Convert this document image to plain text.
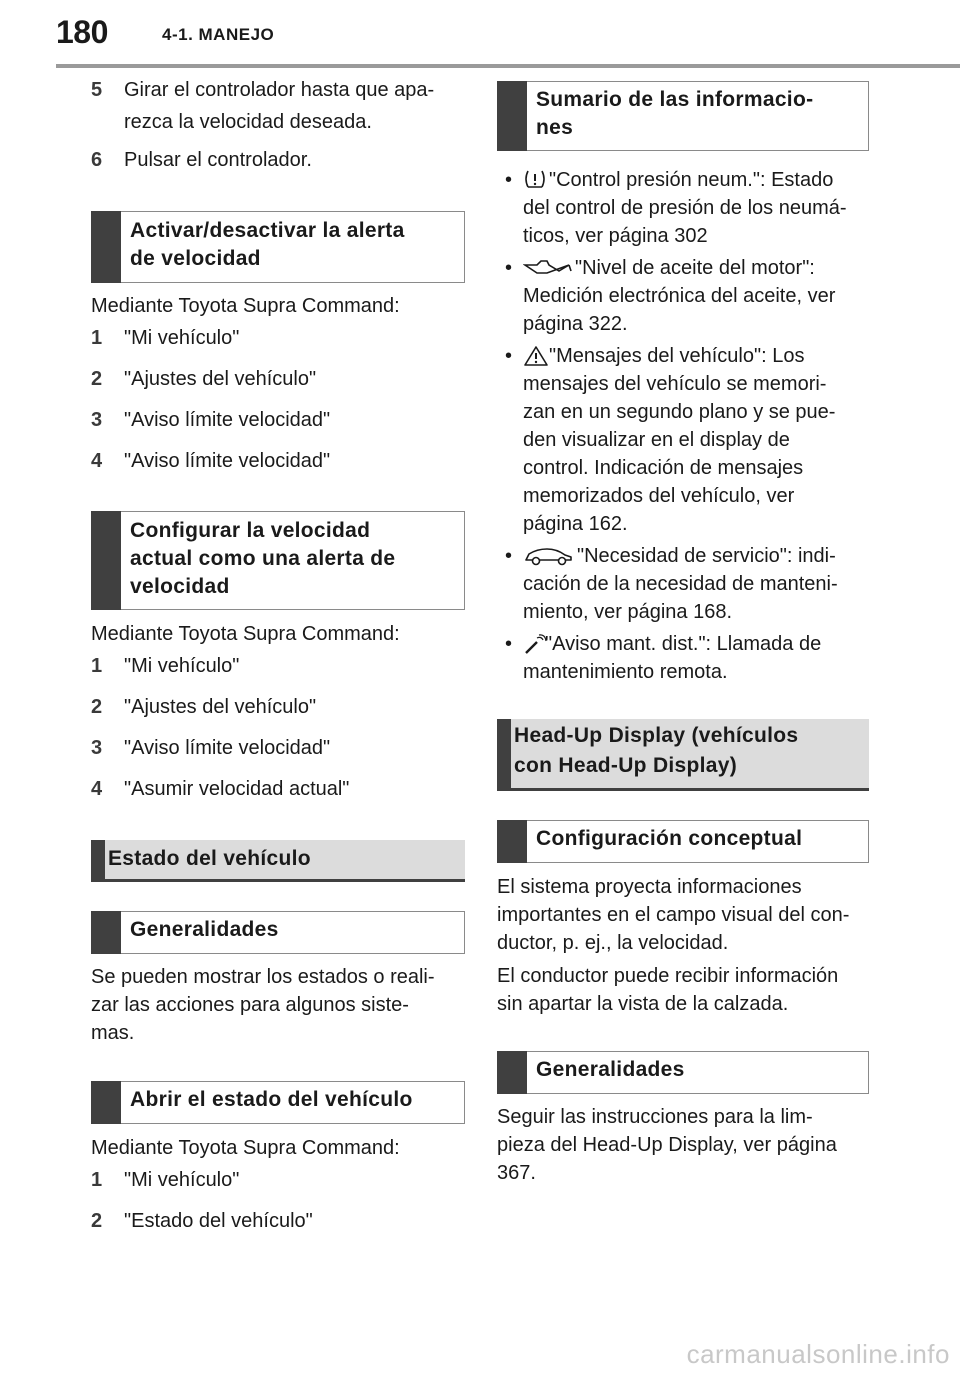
180	4-1. MANEJO
5	Girar el controlador hasta que apa-
rezca la velocidad deseada.
6	Pulsar el controlador.
Activar/desactivar la alerta
de velocidad
Mediante Toyota Supra Command:
1	"Mi vehículo"
2	"Ajustes del vehículo"
3	"Aviso límite velocidad"
4	"Aviso límite velocidad"
Configurar la velocidad
actual como una alerta de
velocidad
Mediante Toyota Supra Command:
1	"Mi vehículo"
2	"Ajustes del vehículo"
3	"Aviso límite velocidad"
4	"Asumir velocidad actual"
Estado del vehículo
Generalidades
Se pueden mostrar los estados o reali-
zar las acciones para algunos siste-
mas.
Abrir el estado del vehículo
Mediante Toyota Supra Command:
1	"Mi vehículo"
2	"Estado del vehículo"
Sumario de las informacio-
nes
•	"Control presión neum.": Estado
del control de presión de los neumá-
ticos, ver página 302
•	"Nivel de aceite del motor":
Medición electrónica del aceite, ver
página 322.
•	"Mensajes del vehículo": Los
mensajes del vehículo se memori-
zan en un segundo plano y se pue-
den visualizar en el display de
control. Indicación de mensajes
memorizados del vehículo, ver
página 162.
•	"Necesidad de servicio": indi-
cación de la necesidad de manteni-
miento, ver página 168.
•	"Aviso mant. dist.": Llamada de
mantenimiento remota.
Head-Up Display (vehículos
con Head-Up Display)
Configuración conceptual
El sistema proyecta informaciones
importantes en el campo visual del con-
ductor, p. ej., la velocidad.
El conductor puede recibir información
sin apartar la vista de la calzada.
Generalidades
Seguir las instrucciones para la lim-
pieza del Head-Up Display, ver página
367.
carmanualsonline.info
